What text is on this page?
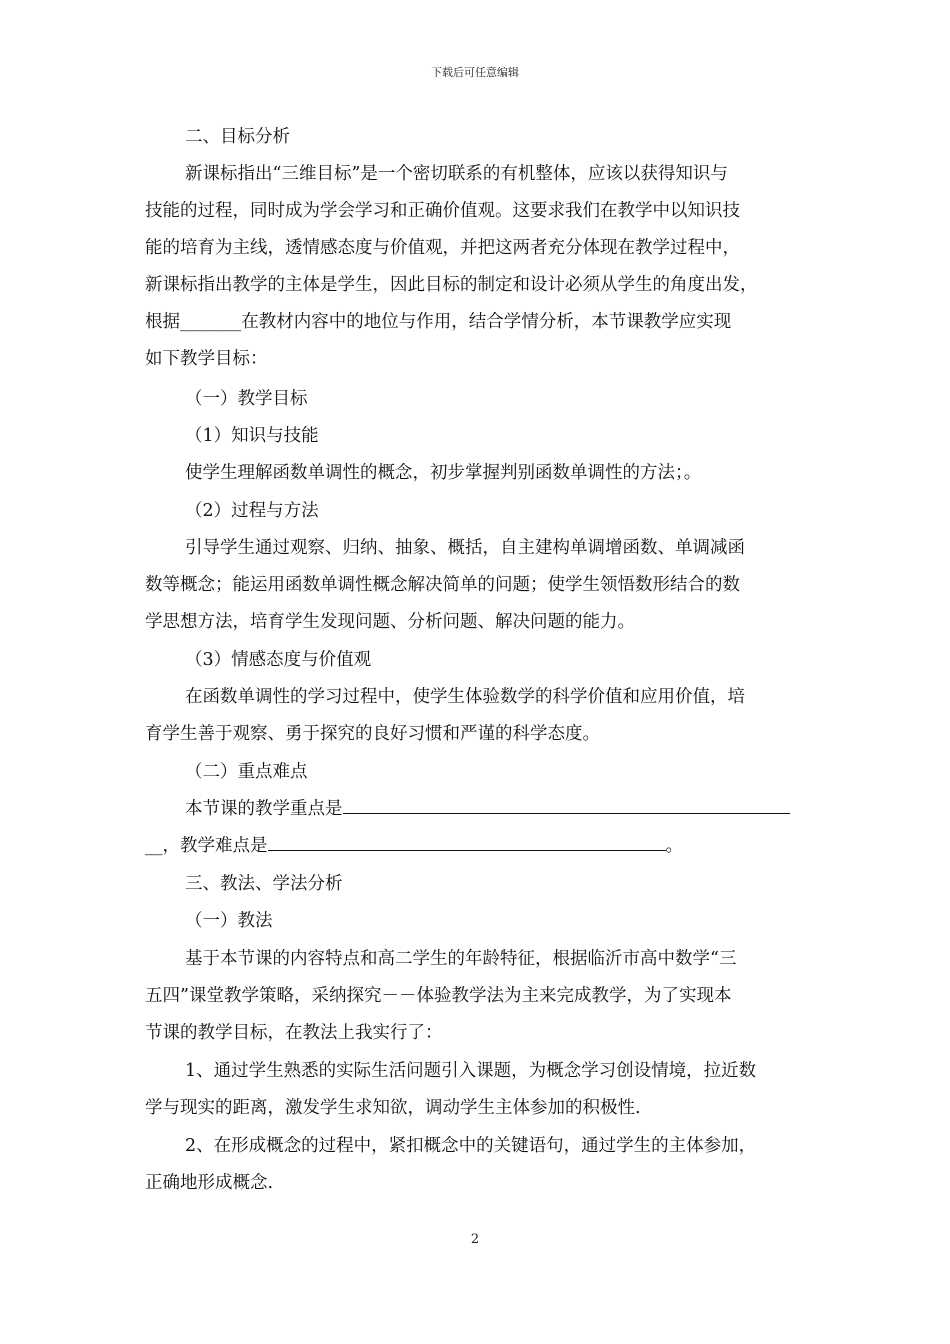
下载后可任意编辑
二、目标分析
新课标指出“三维目标”是一个密切联系的有机整体，应该以获得知识与
技能的过程，同时成为学会学习和正确价值观。这要求我们在教学中以知识技
能的培育为主线，透情感态度与价值观，并把这两者充分体现在教学过程中，
新课标指出教学的主体是学生，因此目标的制定和设计必须从学生的角度出发，
根据_______在教材内容中的地位与作用，结合学情分析，本节课教学应实现
如下教学目标：
（一）教学目标
（1）知识与技能
使学生理解函数单调性的概念，初步掌握判别函数单调性的方法；。
（2）过程与方法
引导学生通过观察、归纳、抽象、概括，自主建构单调增函数、单调减函
数等概念；能运用函数单调性概念解决简单的问题；使学生领悟数形结合的数
学思想方法，培育学生发现问题、分析问题、解决问题的能力。
（3）情感态度与价值观
在函数单调性的学习过程中，使学生体验数学的科学价值和应用价值，培
育学生善于观察、勇于探究的良好习惯和严谨的科学态度。
（二）重点难点
本节课的教学重点是
__，教学难点是	。
三、教法、学法分析
（一）教法
基于本节课的内容特点和高二学生的年龄特征，根据临沂市高中数学“三
五四”课堂教学策略，采纳探究－－体验教学法为主来完成教学，为了实现本
节课的教学目标，在教法上我实行了：
1、通过学生熟悉的实际生活问题引入课题，为概念学习创设情境，拉近数
学与现实的距离，激发学生求知欲，调动学生主体参加的积极性.
2、在形成概念的过程中，紧扣概念中的关键语句，通过学生的主体参加，
正确地形成概念.
2
